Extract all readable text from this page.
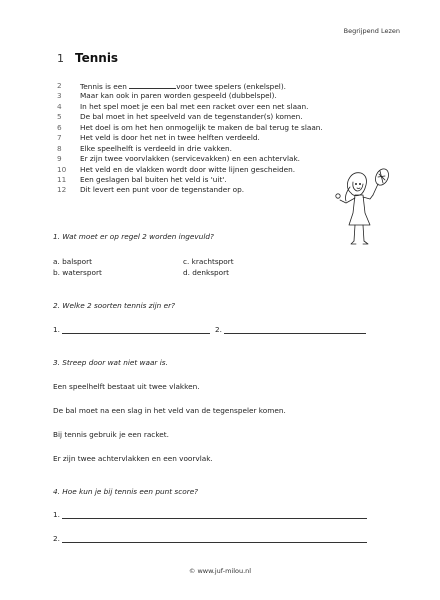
Begrijpend Lezen
1 Tennis
2	Tennis is een	voor twee spelers (enkelspel).
3	Maar kan ook in paren worden gespeeld (dubbelspel).
4	In het spel moet je een bal met een racket over een net slaan.
5	De bal moet in het speelveld van de tegenstander(s) komen.
6	Het doel is om het hen onmogelijk te maken de bal terug te slaan.
7	Het veld is door het net in twee helften verdeeld.
8	Elke speelhelft is verdeeld in drie vakken.
9	Er zijn twee voorvlakken (servicevakken) en een achtervlak.
10	Het veld en de vlakken wordt door witte lijnen gescheiden.
11	Een geslagen bal buiten het veld is 'uit'.
12	Dit levert een punt voor de tegenstander op.
1. Wat moet er op regel 2 worden ingevuld?
a. balsport	c. krachtsport
b. watersport	d. denksport
2. Welke 2 soorten tennis zijn er?
1.	2.
3. Streep door wat niet waar is.
Een speelhelft bestaat uit twee vlakken.
De bal moet na een slag in het veld van de tegenspeler komen.
Bij tennis gebruik je een racket.
Er zijn twee achtervlakken en een voorvlak.
4. Hoe kun je bij tennis een punt score?
1.
2.
© www.juf-milou.nl
